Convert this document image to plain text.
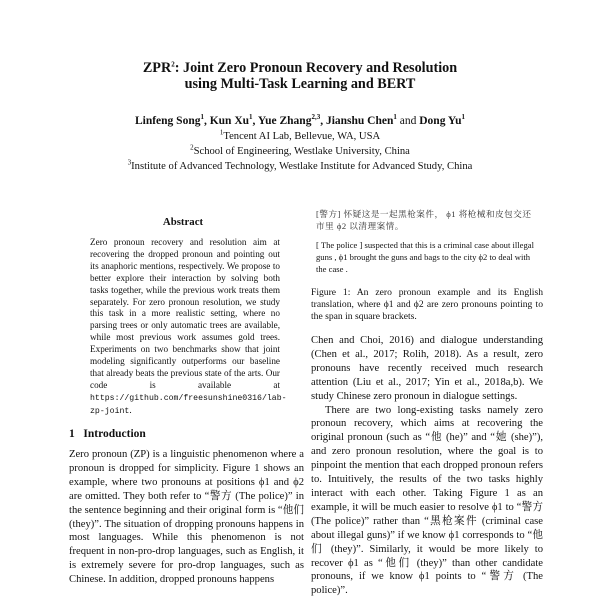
ZPR$^2$: Joint Zero Pronoun Recovery and Resolution
using Multi-Task Learning and BERT
Linfeng Song$^1$, Kun Xu$^1$, Yue Zhang$^{2,3}$, Jianshu Chen$^1$ and Dong Yu$^1$
$^1$Tencent AI Lab, Bellevue, WA, USA
$^2$School of Engineering, Westlake University, China
$^3$Institute of Advanced Technology, Westlake Institute for Advanced Study, China
Abstract
Zero pronoun recovery and resolution aim at recovering the dropped pronoun and pointing out its anaphoric mentions, respectively. We propose to better explore their interaction by solving both tasks together, while the previous work treats them separately. For zero pronoun resolution, we study this task in a more realistic setting, where no parsing trees or only automatic trees are available, while most previous work assumes gold trees. Experiments on two benchmarks show that joint modeling significantly outperforms our baseline that already beats the previous state of the arts. Our code is available at https://github.com/freesunshine0316/lab-zp-joint.
1 Introduction

Zero pronoun (ZP) is a linguistic phenomenon where a pronoun is dropped for simplicity. Figure 1 shows an example, where two pronouns at positions ϕ1 and ϕ2 are omitted. They both refer to “警方 (The police)” in the sentence beginning and their original form is “他们 (they)”. The situation of dropping pronouns happens in most languages. While this phenomenon is not frequent in non-pro-drop languages, such as English, it is extremely severe for pro-drop languages, such as Chinese. In addition, dropped pronouns happens

[警方] 怀疑这是一起黑枪案件， ϕ1 将枪械和皮包交还市里 ϕ2 以清理案情。
[ The police ] suspected that this is a criminal case about illegal guns , ϕ1 brought the guns and bags to the city ϕ2 to deal with the case .
Figure 1: An zero pronoun example and its English translation, where ϕ1 and ϕ2 are zero pronouns pointing to the span in square brackets.

Chen and Choi, 2016) and dialogue understanding (Chen et al., 2017; Rolih, 2018). As a result, zero pronouns have recently received much research attention (Liu et al., 2017; Yin et al., 2018a,b). We study Chinese zero pronoun in dialogue settings.

There are two long-existing tasks namely zero pronoun recovery, which aims at recovering the original pronoun (such as “他 (he)” and “她 (she)”), and zero pronoun resolution, where the goal is to pinpoint the mention that each dropped pronoun refers to. Intuitively, the results of the two tasks highly interact with each other. Taking Figure 1 as an example, it will be much easier to resolve ϕ1 to “警方 (The police)” rather than “黑枪案件 (criminal case about illegal guns)” if we know ϕ1 corresponds to “他们 (they)”. Similarly, it would be more likely to recover ϕ1 as “他们 (they)” than other candidate pronouns, if we know ϕ1 points to “警方 (The police)”.
